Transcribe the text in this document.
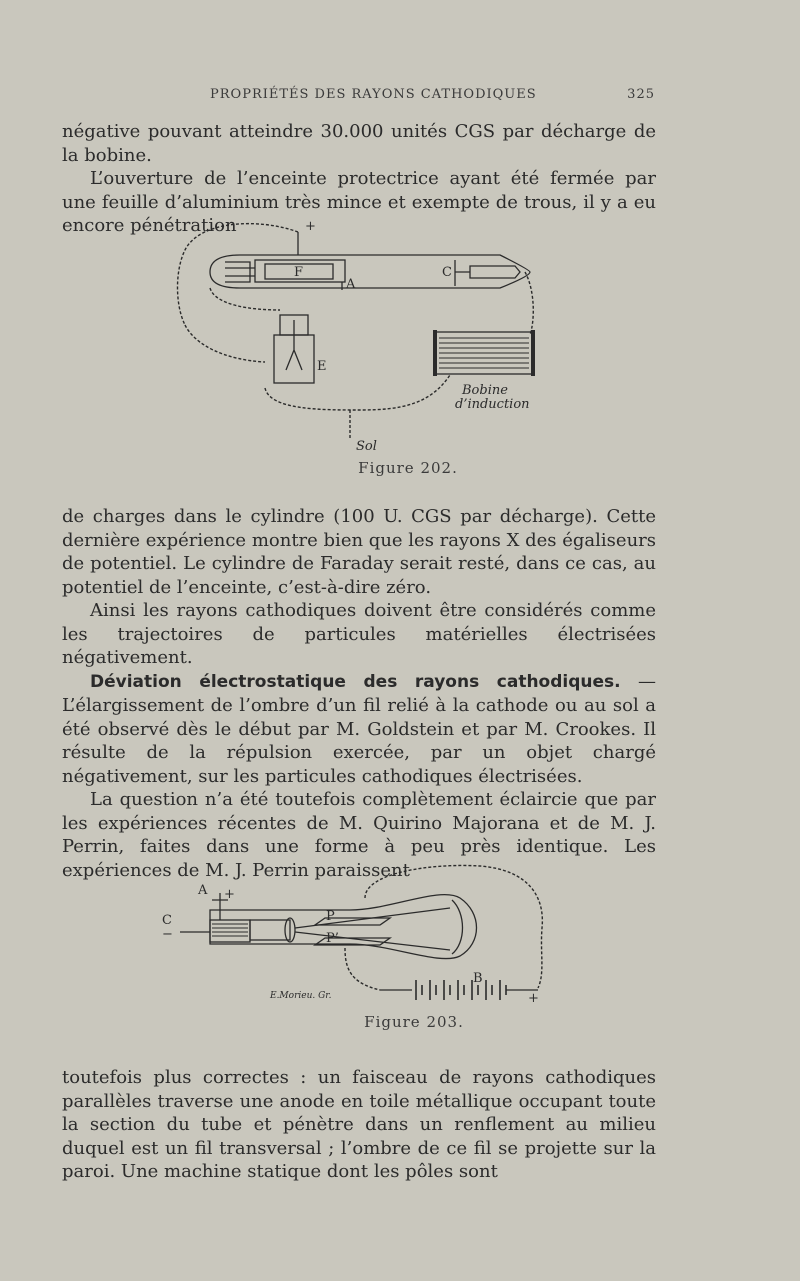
PROPRIÉTÉS DES RAYONS CATHODIQUES	325

négative pouvant atteindre 30.000 unités CGS par décharge de la bobine.

L’ouverture de l’enceinte protectrice ayant été fermée par une feuille d’aluminium très mince et exempte de trous, il y a eu encore pénétration	+
F	C
A
E
Bobine
d’induction
Sol
Figure 202.

de charges dans le cylindre (100 U. CGS par décharge). Cette dernière expérience montre bien que les rayons X des égaliseurs de potentiel. Le cylindre de Faraday serait resté, dans ce cas, au potentiel de l’enceinte, c’est-à-dire zéro.

Ainsi les rayons cathodiques doivent être considérés comme les trajectoires de particules matérielles électrisées négativement.

Déviation électrostatique des rayons cathodiques. — L’élargissement de l’ombre d’un fil relié à la cathode ou au sol a été observé dès le début par M. Goldstein et par M. Crookes. Il résulte de la répulsion exercée, par un objet chargé négativement, sur les particules cathodiques électrisées.

La question n’a été toutefois complètement éclaircie que par les expériences récentes de M. Quirino Majorana et de M. J. Perrin, faites dans une forme à peu près identique. Les expériences de M. J. Perrin paraissent

A +
C
−
P
P’
B
+
E.Morieu. Gr.
Figure 203.

toutefois plus correctes : un faisceau de rayons cathodiques parallèles traverse une anode en toile métallique occupant toute la section du tube et pénètre dans un renflement au milieu duquel est un fil transversal ; l’ombre de ce fil se projette sur la paroi. Une machine statique dont les pôles sont
